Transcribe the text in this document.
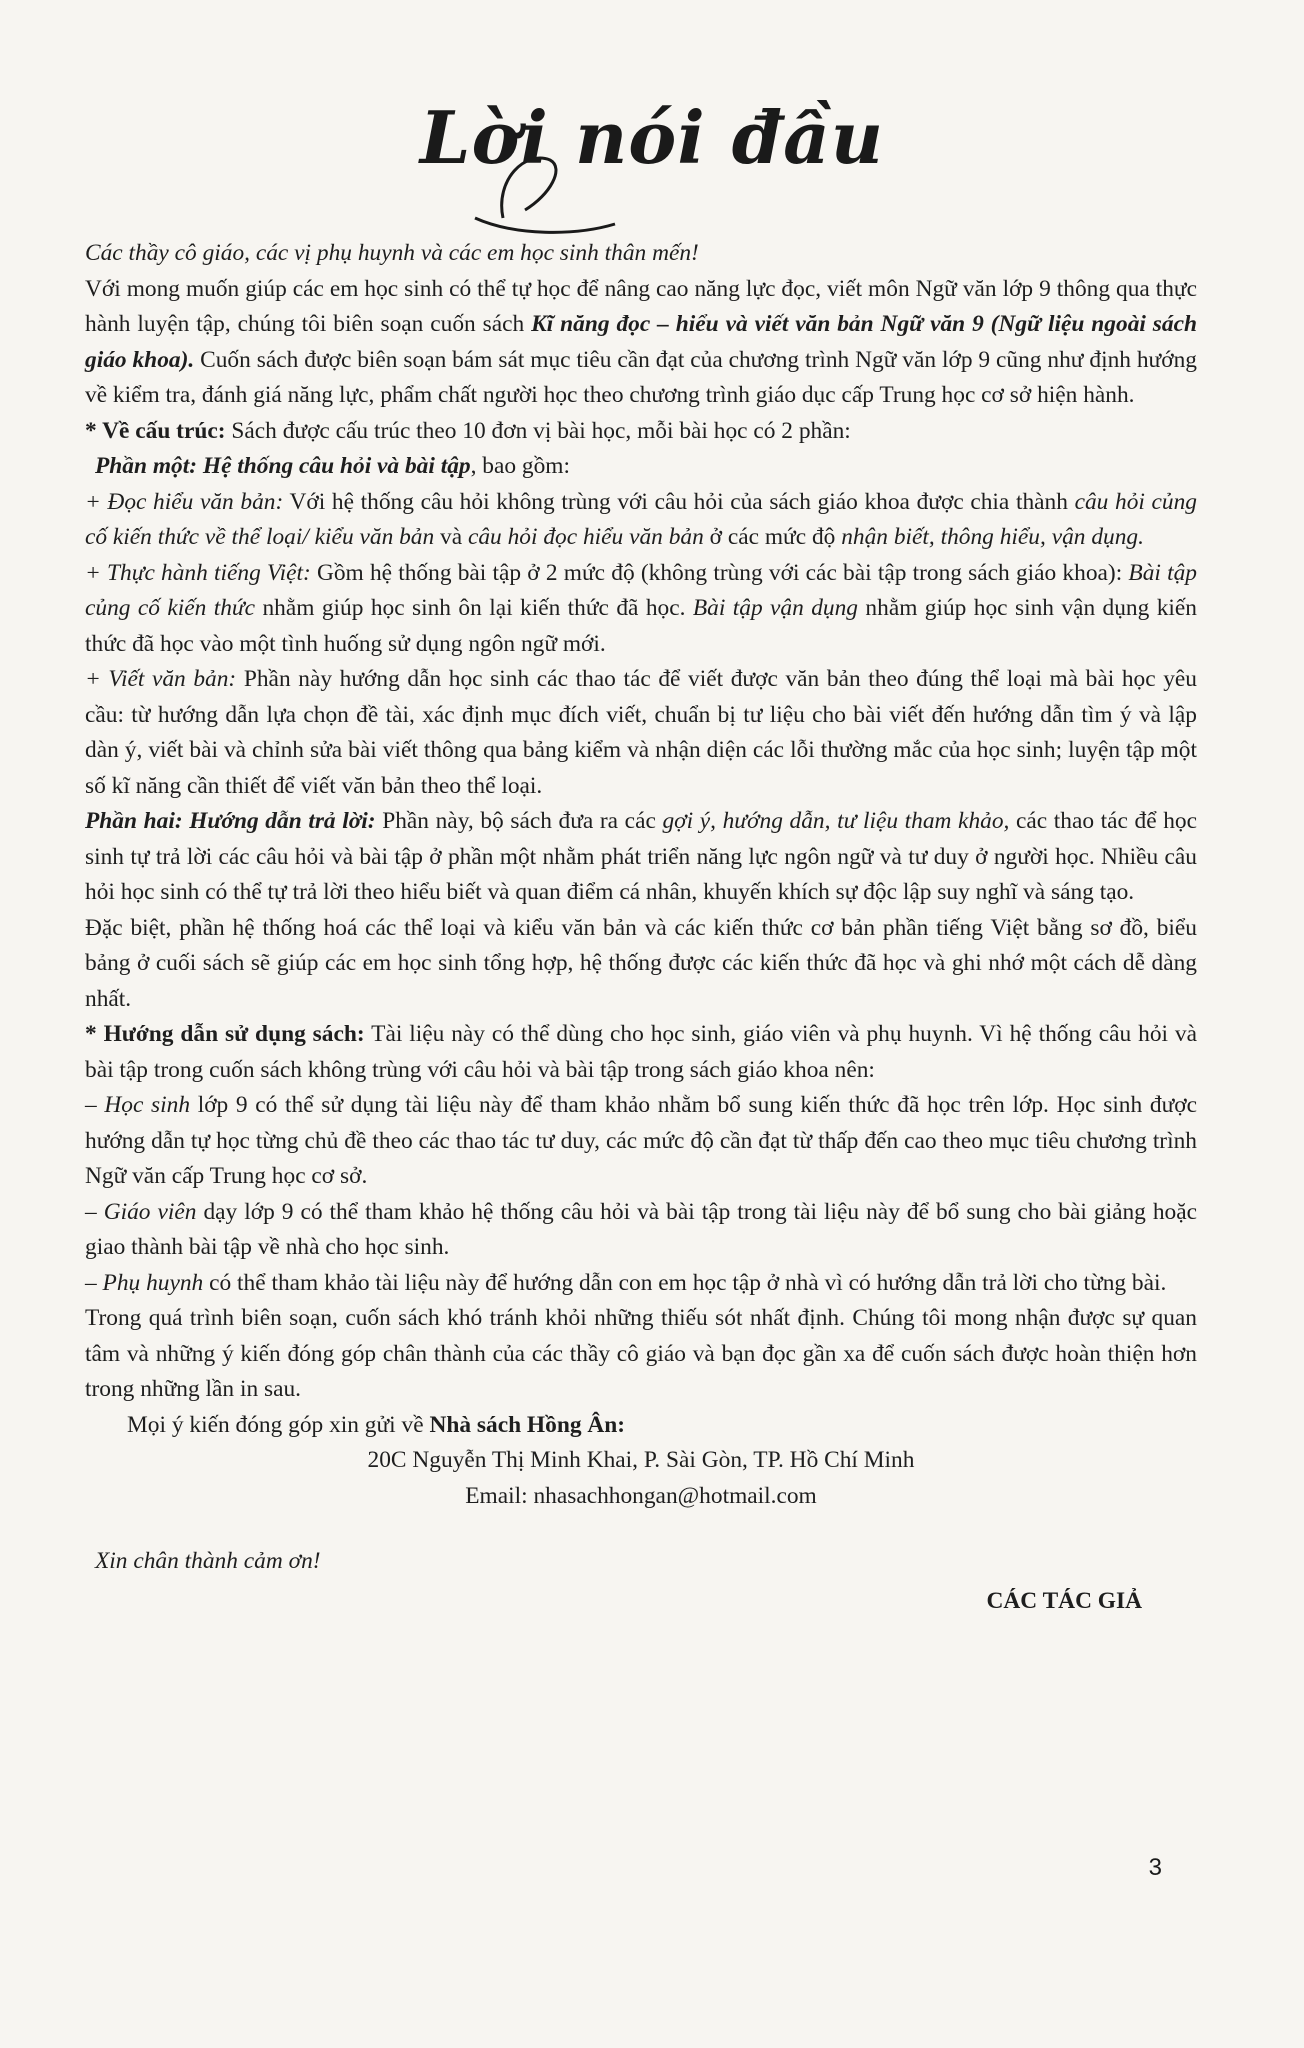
Lời nói đầu

Các thầy cô giáo, các vị phụ huynh và các em học sinh thân mến!

Với mong muốn giúp các em học sinh có thể tự học để nâng cao năng lực đọc, viết môn Ngữ văn lớp 9 thông qua thực hành luyện tập, chúng tôi biên soạn cuốn sách Kĩ năng đọc – hiểu và viết văn bản Ngữ văn 9 (Ngữ liệu ngoài sách giáo khoa). Cuốn sách được biên soạn bám sát mục tiêu cần đạt của chương trình Ngữ văn lớp 9 cũng như định hướng về kiểm tra, đánh giá năng lực, phẩm chất người học theo chương trình giáo dục cấp Trung học cơ sở hiện hành.

* Về cấu trúc: Sách được cấu trúc theo 10 đơn vị bài học, mỗi bài học có 2 phần:

Phần một: Hệ thống câu hỏi và bài tập, bao gồm:

+ Đọc hiểu văn bản: Với hệ thống câu hỏi không trùng với câu hỏi của sách giáo khoa được chia thành câu hỏi củng cố kiến thức về thể loại/ kiểu văn bản và câu hỏi đọc hiểu văn bản ở các mức độ nhận biết, thông hiểu, vận dụng.

+ Thực hành tiếng Việt: Gồm hệ thống bài tập ở 2 mức độ (không trùng với các bài tập trong sách giáo khoa): Bài tập củng cố kiến thức nhằm giúp học sinh ôn lại kiến thức đã học. Bài tập vận dụng nhằm giúp học sinh vận dụng kiến thức đã học vào một tình huống sử dụng ngôn ngữ mới.

+ Viết văn bản: Phần này hướng dẫn học sinh các thao tác để viết được văn bản theo đúng thể loại mà bài học yêu cầu: từ hướng dẫn lựa chọn đề tài, xác định mục đích viết, chuẩn bị tư liệu cho bài viết đến hướng dẫn tìm ý và lập dàn ý, viết bài và chỉnh sửa bài viết thông qua bảng kiểm và nhận diện các lỗi thường mắc của học sinh; luyện tập một số kĩ năng cần thiết để viết văn bản theo thể loại.

Phần hai: Hướng dẫn trả lời: Phần này, bộ sách đưa ra các gợi ý, hướng dẫn, tư liệu tham khảo, các thao tác để học sinh tự trả lời các câu hỏi và bài tập ở phần một nhằm phát triển năng lực ngôn ngữ và tư duy ở người học. Nhiều câu hỏi học sinh có thể tự trả lời theo hiểu biết và quan điểm cá nhân, khuyến khích sự độc lập suy nghĩ và sáng tạo.

Đặc biệt, phần hệ thống hoá các thể loại và kiểu văn bản và các kiến thức cơ bản phần tiếng Việt bằng sơ đồ, biểu bảng ở cuối sách sẽ giúp các em học sinh tổng hợp, hệ thống được các kiến thức đã học và ghi nhớ một cách dễ dàng nhất.

* Hướng dẫn sử dụng sách: Tài liệu này có thể dùng cho học sinh, giáo viên và phụ huynh. Vì hệ thống câu hỏi và bài tập trong cuốn sách không trùng với câu hỏi và bài tập trong sách giáo khoa nên:

– Học sinh lớp 9 có thể sử dụng tài liệu này để tham khảo nhằm bổ sung kiến thức đã học trên lớp. Học sinh được hướng dẫn tự học từng chủ đề theo các thao tác tư duy, các mức độ cần đạt từ thấp đến cao theo mục tiêu chương trình Ngữ văn cấp Trung học cơ sở.

– Giáo viên dạy lớp 9 có thể tham khảo hệ thống câu hỏi và bài tập trong tài liệu này để bổ sung cho bài giảng hoặc giao thành bài tập về nhà cho học sinh.

– Phụ huynh có thể tham khảo tài liệu này để hướng dẫn con em học tập ở nhà vì có hướng dẫn trả lời cho từng bài.

Trong quá trình biên soạn, cuốn sách khó tránh khỏi những thiếu sót nhất định. Chúng tôi mong nhận được sự quan tâm và những ý kiến đóng góp chân thành của các thầy cô giáo và bạn đọc gần xa để cuốn sách được hoàn thiện hơn trong những lần in sau.

Mọi ý kiến đóng góp xin gửi về Nhà sách Hồng Ân:

20C Nguyễn Thị Minh Khai, P. Sài Gòn, TP. Hồ Chí Minh

Email: nhasachhongan@hotmail.com

Xin chân thành cảm ơn!

CÁC TÁC GIẢ

3
